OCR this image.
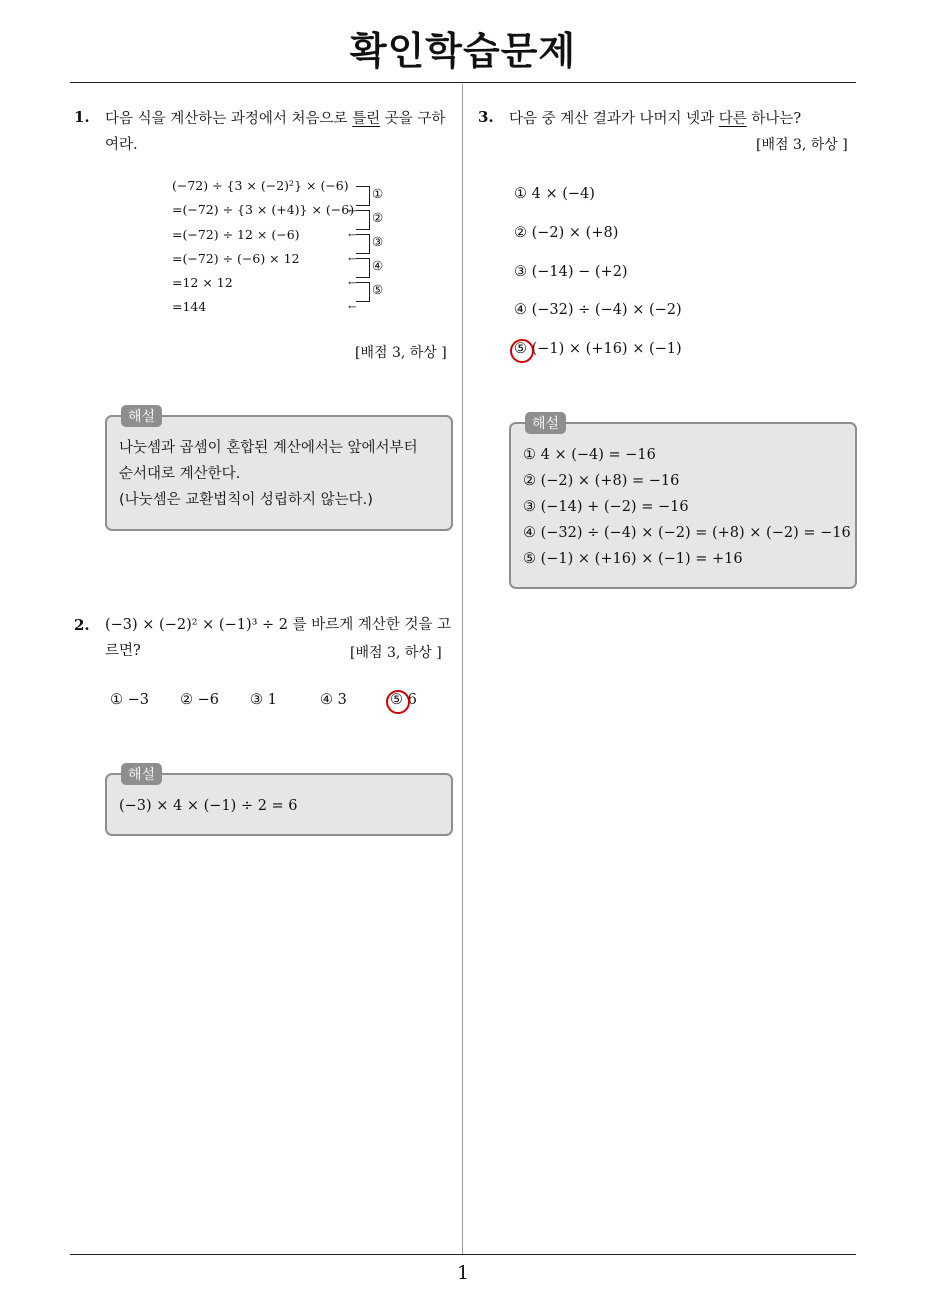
확인학습문제
1. 다음 식을 계산하는 과정에서 처음으로 틀린 곳을 구하여라.
(−72) ÷ {3 × (−2)²} × (−6)
=(−72) ÷ {3 × (+4)} × (−6)
=(−72) ÷ 12 × (−6)
=(−72) ÷ (−6) × 12
=12 × 12
=144
←
①
←
②
←
③
←
④
←
⑤
[배점 3, 하상 ]
해설
나눗셈과 곱셈이 혼합된 계산에서는 앞에서부터
순서대로 계산한다.
(나눗셈은 교환법칙이 성립하지 않는다.)
2. (−3) × (−2)² × (−1)³ ÷ 2 를 바르게 계산한 것을 고르면?	[배점 3, 하상 ]
① −3 ② −6 ③ 1	④ 3	⑤ 6
해설
(−3) × 4 × (−1) ÷ 2 = 6
3. 다음 중 계산 결과가 나머지 넷과 다른 하나는?
[배점 3, 하상 ]
① 4 × (−4)
② (−2) × (+8)
③ (−14) − (+2)
④ (−32) ÷ (−4) × (−2)
⑤ (−1) × (+16) × (−1)
해설
① 4 × (−4) = −16
② (−2) × (+8) = −16
③ (−14) + (−2) = −16
④ (−32) ÷ (−4) × (−2) = (+8) × (−2) = −16
⑤ (−1) × (+16) × (−1) = +16
1
